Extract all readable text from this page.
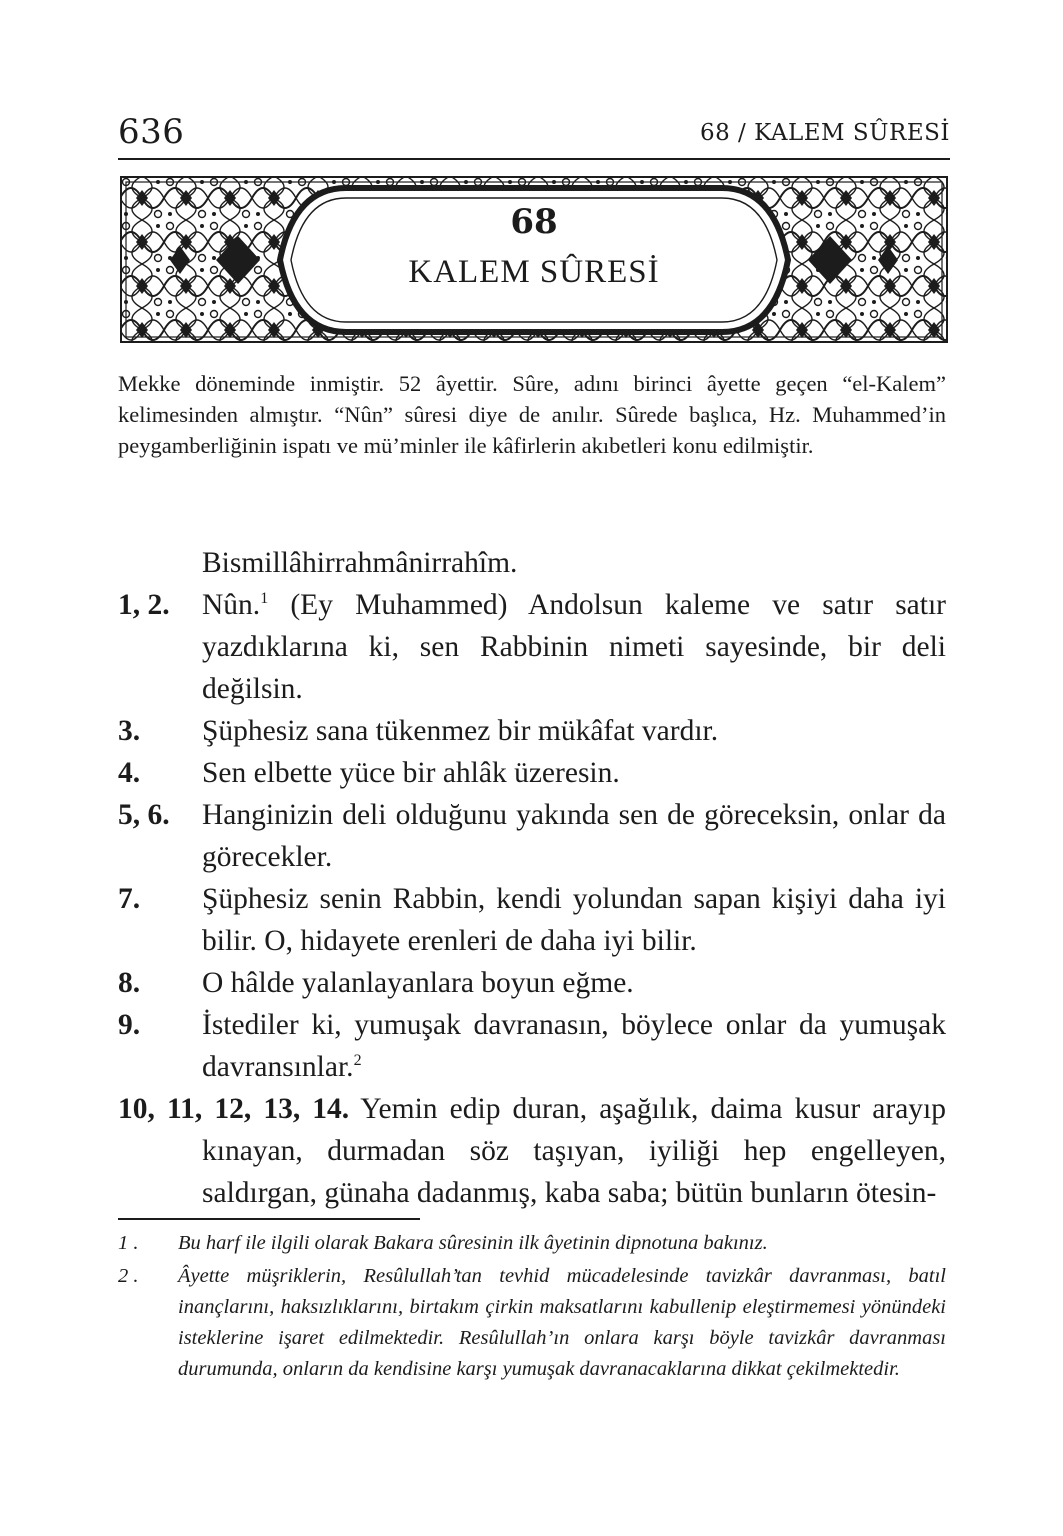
636	68 / KALEM SÛRESİ
68
KALEM SÛRESİ

Mekke döneminde inmiştir. 52 âyettir. Sûre, adını birinci âyette geçen “el-Kalem” kelimesinden almıştır. “Nûn” sûresi diye de anılır. Sûrede başlıca, Hz. Muhammed’in peygamberliğinin ispatı ve mü’minler ile kâfirlerin akıbetleri konu edilmiştir.

Bismillâhirrahmânirrahîm.
1, 2. Nûn.$^1$ (Ey Muhammed) Andolsun kaleme ve satır satır yazdıklarına ki, sen Rabbinin nimeti sayesinde, bir deli değilsin.
3. Şüphesiz sana tükenmez bir mükâfat vardır.
4. Sen elbette yüce bir ahlâk üzeresin.
5, 6. Hanginizin deli olduğunu yakında sen de göreceksin, onlar da görecekler.
7. Şüphesiz senin Rabbin, kendi yolundan sapan kişiyi daha iyi bilir. O, hidayete erenleri de daha iyi bilir.
8. O hâlde yalanlayanlara boyun eğme.
9. İstediler ki, yumuşak davranasın, böylece onlar da yumuşak davransınlar.$^2$
10, 11, 12, 13, 14. Yemin edip duran, aşağılık, daima kusur arayıp kınayan, durmadan söz taşıyan, iyiliği hep engelleyen, saldırgan, günaha dadanmış, kaba saba; bütün bunların ötesin-
1 . Bu harf ile ilgili olarak Bakara sûresinin ilk âyetinin dipnotuna bakınız.
2 . Âyette müşriklerin, Resûlullah’tan tevhid mücadelesinde tavizkâr davranması, batıl inançlarını, haksızlıklarını, birtakım çirkin maksatlarını kabullenip eleştirmemesi yönündeki isteklerine işaret edilmektedir. Resûlullah’ın onlara karşı böyle tavizkâr davranması durumunda, onların da kendisine karşı yumuşak davranacaklarına dikkat çekilmektedir.
